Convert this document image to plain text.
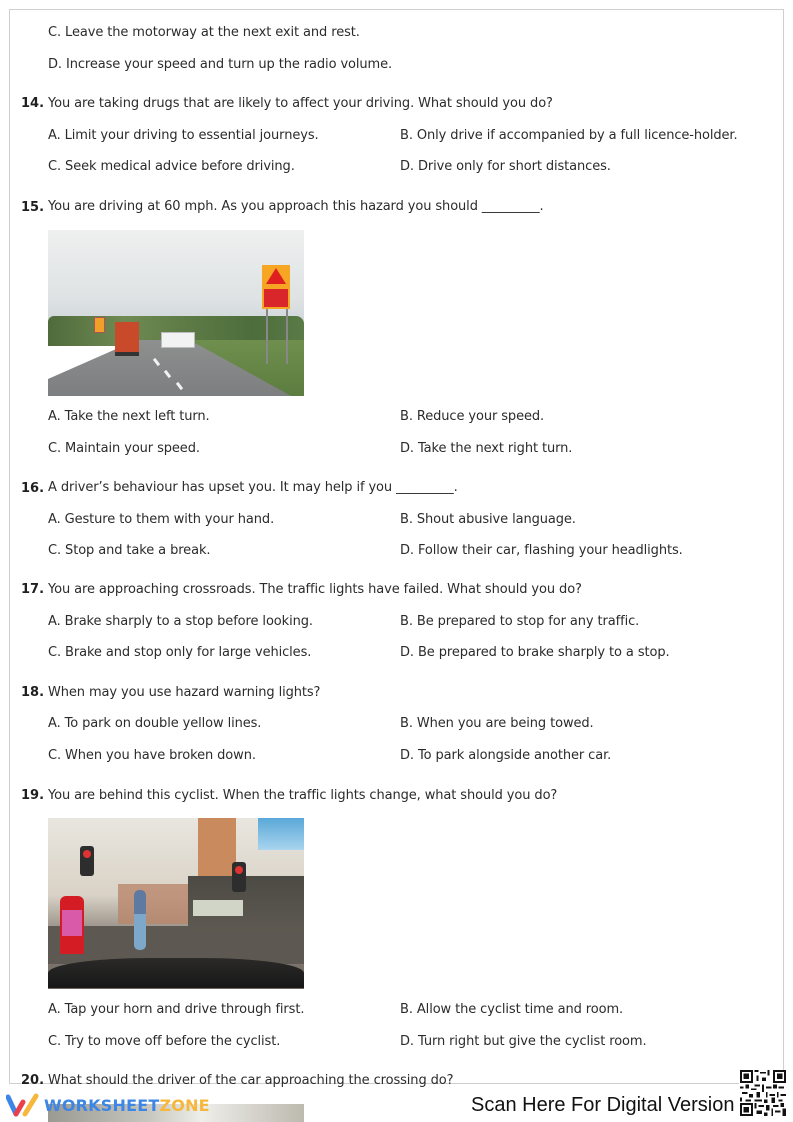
C. Leave the motorway at the next exit and rest.
D. Increase your speed and turn up the radio volume.
14. You are taking drugs that are likely to affect your driving. What should you do?
A. Limit your driving to essential journeys.	B. Only drive if accompanied by a full licence-holder.
C. Seek medical advice before driving.	D. Drive only for short distances.
15. You are driving at 60 mph. As you approach this hazard you should _________.
A. Take the next left turn.	B. Reduce your speed.
C. Maintain your speed.	D. Take the next right turn.
16. A driver’s behaviour has upset you. It may help if you _________.
A. Gesture to them with your hand.	B. Shout abusive language.
C. Stop and take a break.	D. Follow their car, flashing your headlights.
17. You are approaching crossroads. The traffic lights have failed. What should you do?
A. Brake sharply to a stop before looking.	B. Be prepared to stop for any traffic.
C. Brake and stop only for large vehicles.	D. Be prepared to brake sharply to a stop.
18. When may you use hazard warning lights?
A. To park on double yellow lines.	B. When you are being towed.
C. When you have broken down.	D. To park alongside another car.
19. You are behind this cyclist. When the traffic lights change, what should you do?
A. Tap your horn and drive through first.	B. Allow the cyclist time and room.
C. Try to move off before the cyclist.	D. Turn right but give the cyclist room.
20. What should the driver of the car approaching the crossing do?
WORKSHEETZONE	Scan Here For Digital Version
